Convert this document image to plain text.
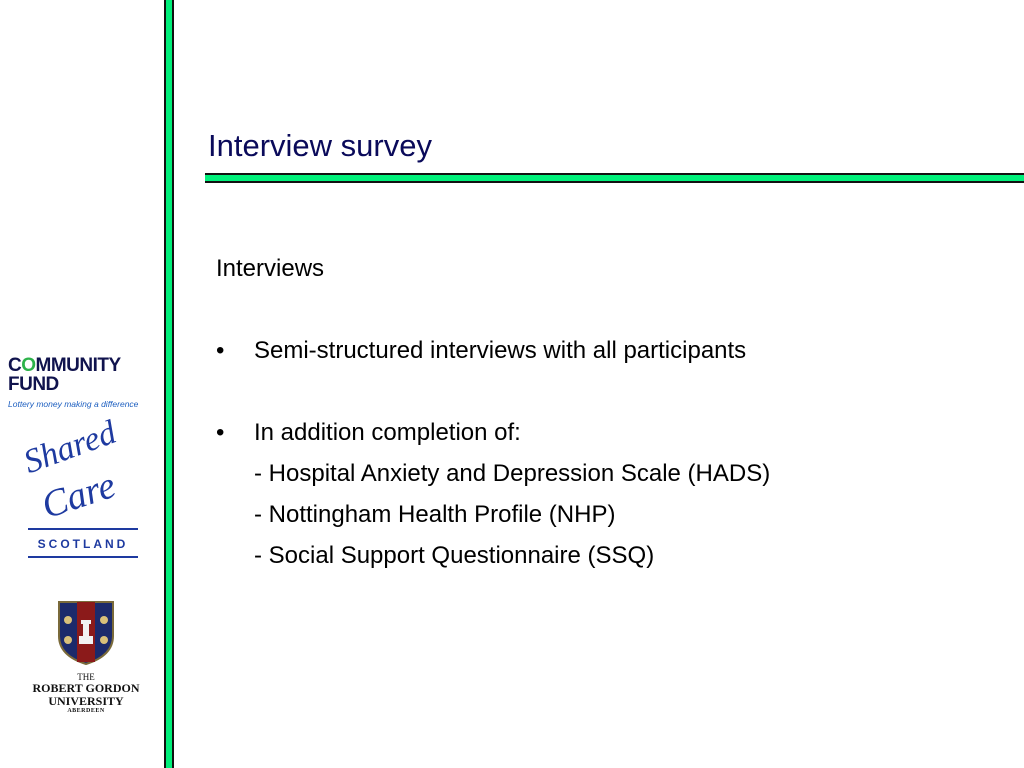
Interview survey
Interviews
• Semi-structured interviews with all participants
• In addition completion of:
- Hospital Anxiety and Depression Scale (HADS)
- Nottingham Health Profile (NHP)
- Social Support Questionnaire (SSQ)
COMMUNITY
FUND
Lottery money making a difference
Shared
Care
SCOTLAND
THE
ROBERT GORDON
UNIVERSITY
ABERDEEN
